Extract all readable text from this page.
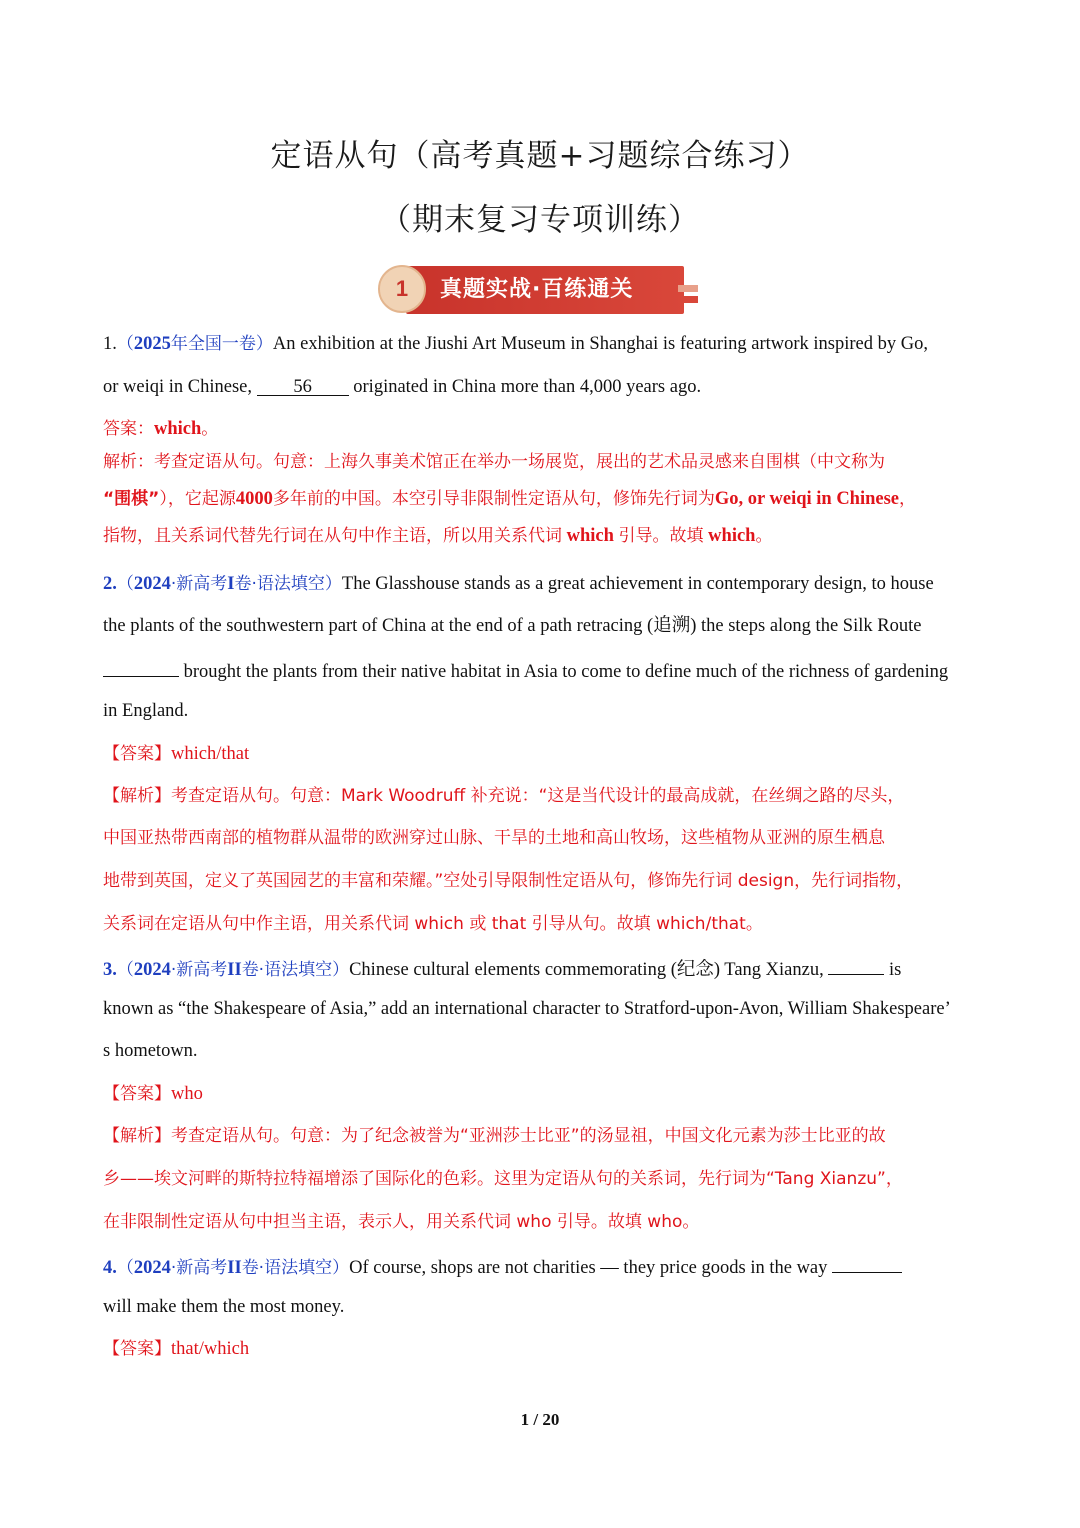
定语从句（高考真题+习题综合练习）
（期末复习专项训练）
1	真题实战·百练通关
1.（2025年全国一卷）An exhibition at the Jiushi Art Museum in Shanghai is featuring artwork inspired by Go,
or weiqi in Chinese, 56 originated in China more than 4,000 years ago.
答案：which。
解析：考查定语从句。句意：上海久事美术馆正在举办一场展览，展出的艺术品灵感来自围棋（中文称为
“围棋”），它起源4000多年前的中国。本空引导非限制性定语从句，修饰先行词为Go, or weiqi in Chinese，
指物，且关系词代替先行词在从句中作主语，所以用关系代词 which 引导。故填 which。
2.（2024·新高考I卷·语法填空）The Glasshouse stands as a great achievement in contemporary design, to house
the plants of the southwestern part of China at the end of a path retracing (追溯) the steps along the Silk Route
brought the plants from their native habitat in Asia to come to define much of the richness of gardening
in England.
【答案】which/that
【解析】考查定语从句。句意：Mark Woodruff 补充说：“这是当代设计的最高成就，在丝绸之路的尽头，
中国亚热带西南部的植物群从温带的欧洲穿过山脉、干旱的土地和高山牧场，这些植物从亚洲的原生栖息
地带到英国，定义了英国园艺的丰富和荣耀。”空处引导限制性定语从句，修饰先行词 design，先行词指物，
关系词在定语从句中作主语，用关系代词 which 或 that 引导从句。故填 which/that。
3.（2024·新高考II卷·语法填空）Chinese cultural elements commemorating (纪念) Tang Xianzu,	is
known as “the Shakespeare of Asia,” add an international character to Stratford-upon-Avon, William Shakespeare’
s hometown.
【答案】who
【解析】考查定语从句。句意：为了纪念被誉为“亚洲莎士比亚”的汤显祖，中国文化元素为莎士比亚的故
乡——埃文河畔的斯特拉特福增添了国际化的色彩。这里为定语从句的关系词，先行词为“Tang Xianzu”，
在非限制性定语从句中担当主语，表示人，用关系代词 who 引导。故填 who。
4.（2024·新高考II卷·语法填空）Of course, shops are not charities — they price goods in the way
will make them the most money.
【答案】that/which
1 / 20
